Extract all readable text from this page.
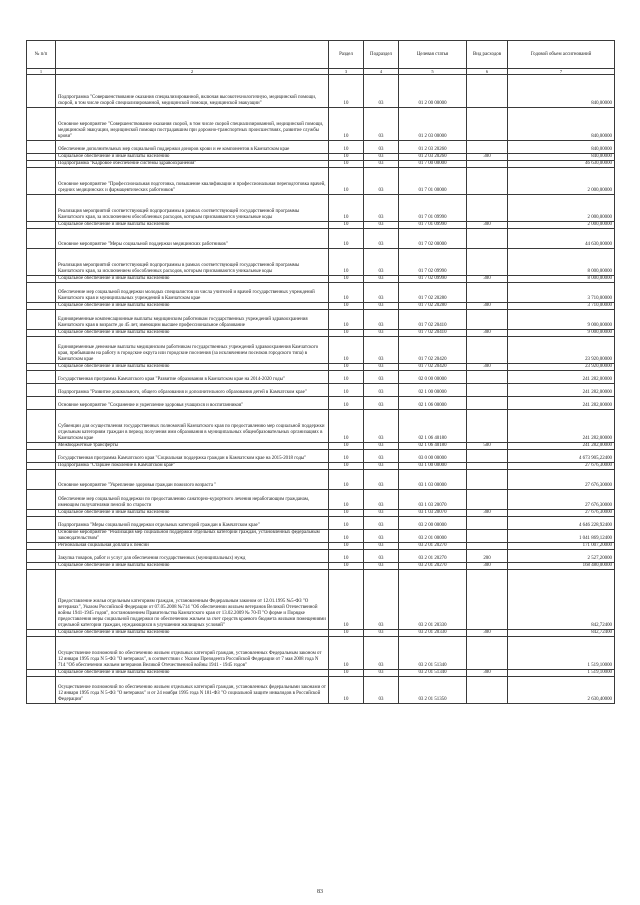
№ п/п		Раздел	Подраздел	Целевая статья	Вид расходов	Годовой объем ассигнований
1	2	3	4	5	6	7
	Подпрограмма "Совершенствование оказания специализированной, включая высокотехнологичную, медицинской помощи, скорой, в том числе скорой специализированной, медицинской помощи, медицинской эвакуации"	10	03	01 2 00 00000		840,00000
	Основное мероприятие "Совершенствование оказания скорой, в том числе скорой специализированной, медицинской помощи, медицинской эвакуации, медицинской помощи пострадавшим при дорожно-транспортных происшествиях, развитие службы крови"	10	03	01 2 03 00000		840,00000
	Обеспечение дополнительных мер социальной поддержки доноров крови и ее компонентов в Камчатском крае	10	03	01 2 03 20260		840,00000
	Социальное обеспечение и иные выплаты населению	10	03	01 2 03 20260	300	840,00000
	Подпрограмма "Кадровое обеспечение системы здравоохранения"	10	03	01 7 00 00000		46 630,00000
	Основное мероприятие "Профессиональная подготовка, повышение квалификации и профессиональная переподготовка врачей, средних медицинских и фармацевтических работников"	10	03	01 7 01 00000		2 000,00000
	Реализация мероприятий соответствующей подпрограммы в рамках соответствующей государственной программы Камчатского края, за исключением обособленных расходов, которым присваиваются уникальные коды	10	03	01 7 01 09990		2 000,00000
	Социальное обеспечение и иные выплаты населению	10	03	01 7 01 09990	300	2 000,00000
	Основное мероприятие "Меры социальной поддержки медицинских работников"	10	03	01 7 02 00000		44 630,00000
	Реализация мероприятий соответствующей подпрограммы в рамках соответствующей государственной программы Камчатского края, за исключением обособленных расходов, которым присваиваются уникальные коды	10	03	01 7 02 09990		8 000,00000
	Социальное обеспечение и иные выплаты населению	10	03	01 7 02 09990	300	8 000,00000
	Обеспечение мер социальной поддержки молодых специалистов из числа учителей и врачей государственных учреждений Камчатского края и муниципальных учреждений в Камчатском крае	10	03	01 7 02 20280		3 710,00000
	Социальное обеспечение и иные выплаты населению	10	03	01 7 02 20280	300	3 710,00000
	Единовременные компенсационные выплаты медицинским работникам государственных учреждений здравоохранения Камчатского края в возрасте до 45 лет, имеющим высшее профессиональное образование	10	03	01 7 02 20410		9 000,00000
	Социальное обеспечение и иные выплаты населению	10	03	01 7 02 20410	300	9 000,00000
	Единовременные денежные выплаты медицинским работникам государственных учреждений здравоохранения Камчатского края, прибывшим на работу в городские округа или городские поселения (за исключением поселков городского типа) в Камчатском крае	10	03	01 7 02 20420		23 920,00000
	Социальное обеспечение и иные выплаты населению	10	03	01 7 02 20420	300	23 920,00000
	Государственная программа Камчатского края "Развитие образования в Камчатском крае на 2014-2020 годы"	10	03	02 0 00 00000		241 282,00000
	Подпрограмма "Развитие дошкольного, общего образования и дополнительного образования детей в Камчатском крае"	10	03	02 1 00 00000		241 282,00000
	Основное мероприятие "Сохранение и укрепление здоровья учащихся и воспитанников"	10	03	02 1 06 00000		241 282,00000
	Субвенции для осуществления государственных полномочий Камчатского края по предоставлению мер социальной поддержки отдельным категориям граждан в период получения ими образования в муниципальных общеобразовательных организациях в Камчатском крае	10	03	02 1 06 40180		241 282,00000
	Межбюджетные трансферты	10	03	02 1 06 40180	500	241 282,00000
	Государственная программа Камчатского края "Социальная поддержка граждан в Камчатском крае на 2015-2018 годы"	10	03	03 0 00 00000		4 673 905,22400
	Подпрограмма "Старшее поколение в Камчатском крае"	10	03	03 1 00 00000		27 676,30000
	Основное мероприятие "Укрепление здоровья граждан пожилого возраста "	10	03	03 1 03 00000		27 676,30000
	Обеспечение мер социальной поддержки по предоставлению санаторно-курортного лечения неработающим гражданам, имеющим получателями пенсий по старости	10	03	03 1 03 20070		27 676,30000
	Социальное обеспечение и иные выплаты населению	10	03	03 1 03 20070	300	27 676,30000
	Подпрограмма "Меры социальной поддержки отдельных категорий граждан в Камчатском крае"	10	03	03 2 00 00000		4 646 228,92400
	Основное мероприятие "Реализация мер социальной поддержки отдельных категорий граждан, установленных федеральным законодательством"	10	03	03 2 01 00000		1 041 869,12400
	Региональная социальная доплата к пенсии	10	03	03 2 01 20270		171 007,20000
	Закупка товаров, работ и услуг для обеспечения государственных (муниципальных) нужд	10	03	03 2 01 20270	200	2 527,20000
	Социальное обеспечение и иные выплаты населению	10	03	03 2 01 20270	300	168 480,00000
	Предоставление жилья отдельным категориям граждан, установленным Федеральным законом от 12.01.1995 №5-ФЗ "О ветеранах", Указом Российской Федерации от 07.05.2008 №714 "Об обеспечении жильем ветеранов Великой Отечественной войны 1941-1945 годов", постановлением Правительства Камчатского края от 13.02.2009 № 70-П "О форме и Порядке предоставления меры социальной поддержки по обеспечению жильем за счет средств краевого бюджета жилыми помещениями отдельной категории граждан, нуждающихся в улучшении жилищных условий"	10	03	03 2 01 20330		842,72400
	Социальное обеспечение и иные выплаты населению	10	03	03 2 01 20330	300	842,72400
	Осуществление полномочий по обеспечению жильем отдельных категорий граждан, установленных Федеральным законом от 12 января 1995 года N 5-ФЗ "О ветеранах", в соответствии с Указом Президента Российской Федерации от 7 мая 2008 года N 714 "Об обеспечении жильем ветеранов Великой Отечественной войны 1941 - 1945 годов"	10	03	03 2 01 51340		1 519,10000
	Социальное обеспечение и иные выплаты населению	10	03	03 2 01 51340	300	1 519,10000
	Осуществление полномочий по обеспечению жильем отдельных категорий граждан, установленных федеральными законами от 12 января 1995 года N 5-ФЗ "О ветеранах" и от 24 ноября 1995 года N 181-ФЗ "О социальной защите инвалидов в Российской Федерации"	10	03	03 2 01 51350		2 630,40000
83
